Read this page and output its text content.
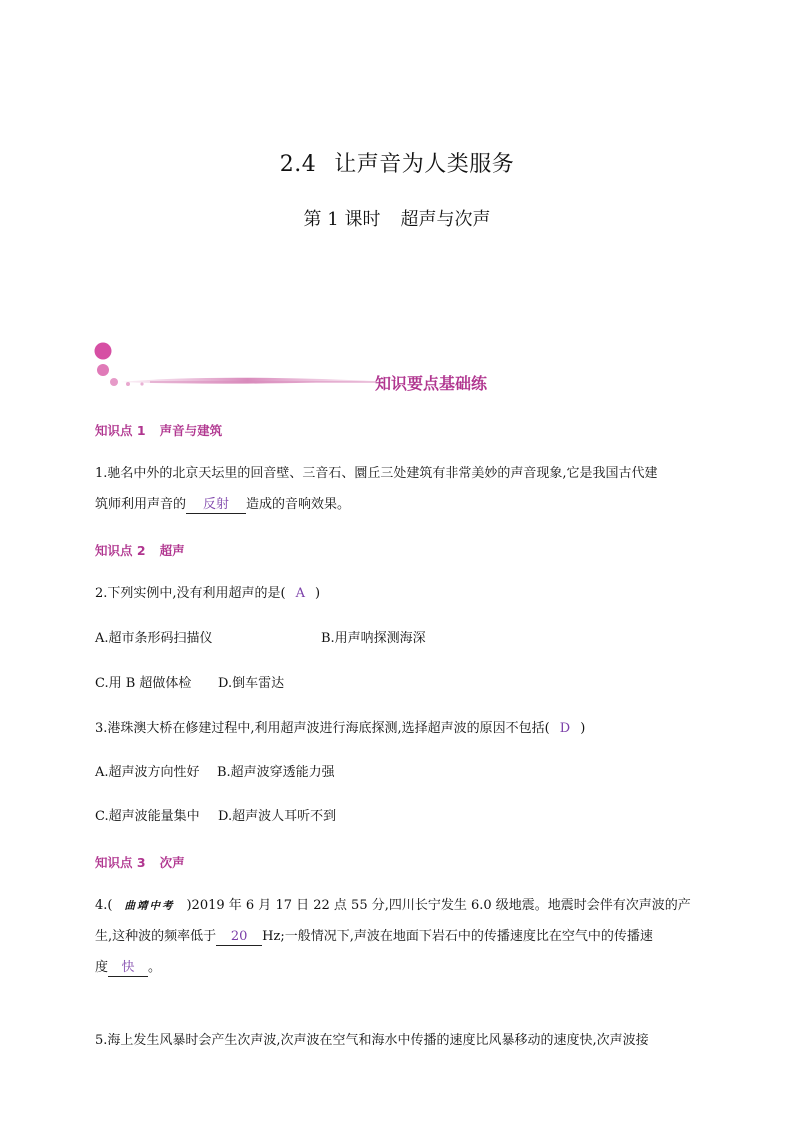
2.4 让声音为人类服务
第 1 课时 超声与次声
知识要点基础练
知识点 1 声音与建筑
1.驰名中外的北京天坛里的回音壁、三音石、圜丘三处建筑有非常美妙的声音现象,它是我国古代建
筑师利用声音的 反射 造成的音响效果。
知识点 2 超声
2.下列实例中,没有利用超声的是( A )
A.超市条形码扫描仪	B.用声呐探测海深
C.用 B 超做体检 D.倒车雷达
3.港珠澳大桥在修建过程中,利用超声波进行海底探测,选择超声波的原因不包括( D )
A.超声波方向性好 B.超声波穿透能力强
C.超声波能量集中 D.超声波人耳听不到
知识点 3 次声
4.( 曲靖中考 )2019 年 6 月 17 日 22 点 55 分,四川长宁发生 6.0 级地震。地震时会伴有次声波的产
生,这种波的频率低于 20 Hz;一般情况下,声波在地面下岩石中的传播速度比在空气中的传播速
度 快 。
5.海上发生风暴时会产生次声波,次声波在空气和海水中传播的速度比风暴移动的速度快,次声波接
